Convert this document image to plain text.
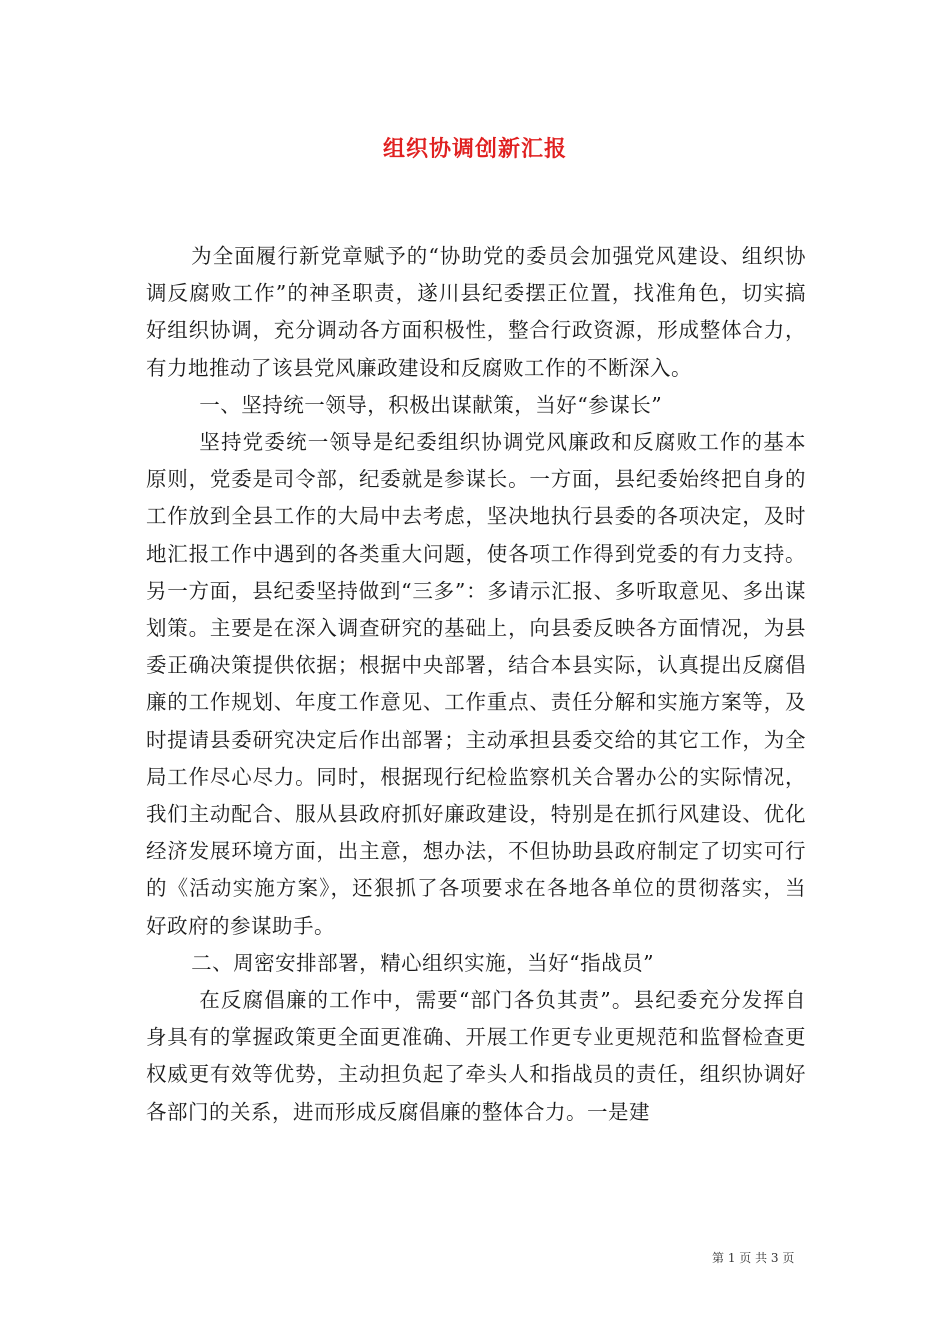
组织协调创新汇报

为全面履行新党章赋予的“协助党的委员会加强党风建设、组织协调反腐败工作”的神圣职责，遂川县纪委摆正位置，找准角色，切实搞好组织协调，充分调动各方面积极性，整合行政资源，形成整体合力，有力地推动了该县党风廉政建设和反腐败工作的不断深入。

一、坚持统一领导，积极出谋献策，当好“参谋长”

坚持党委统一领导是纪委组织协调党风廉政和反腐败工作的基本原则，党委是司令部，纪委就是参谋长。一方面，县纪委始终把自身的工作放到全县工作的大局中去考虑，坚决地执行县委的各项决定，及时地汇报工作中遇到的各类重大问题，使各项工作得到党委的有力支持。另一方面，县纪委坚持做到“三多”：多请示汇报、多听取意见、多出谋划策。主要是在深入调查研究的基础上，向县委反映各方面情况，为县委正确决策提供依据；根据中央部署，结合本县实际，认真提出反腐倡廉的工作规划、年度工作意见、工作重点、责任分解和实施方案等，及时提请县委研究决定后作出部署；主动承担县委交给的其它工作，为全局工作尽心尽力。同时，根据现行纪检监察机关合署办公的实际情况，我们主动配合、服从县政府抓好廉政建设，特别是在抓行风建设、优化经济发展环境方面，出主意，想办法，不但协助县政府制定了切实可行的《活动实施方案》，还狠抓了各项要求在各地各单位的贯彻落实，当好政府的参谋助手。

二、周密安排部署，精心组织实施，当好“指战员”

在反腐倡廉的工作中，需要“部门各负其责”。县纪委充分发挥自身具有的掌握政策更全面更准确、开展工作更专业更规范和监督检查更权威更有效等优势，主动担负起了牵头人和指战员的责任，组织协调好各部门的关系，进而形成反腐倡廉的整体合力。一是建

第 1 页 共 3 页
